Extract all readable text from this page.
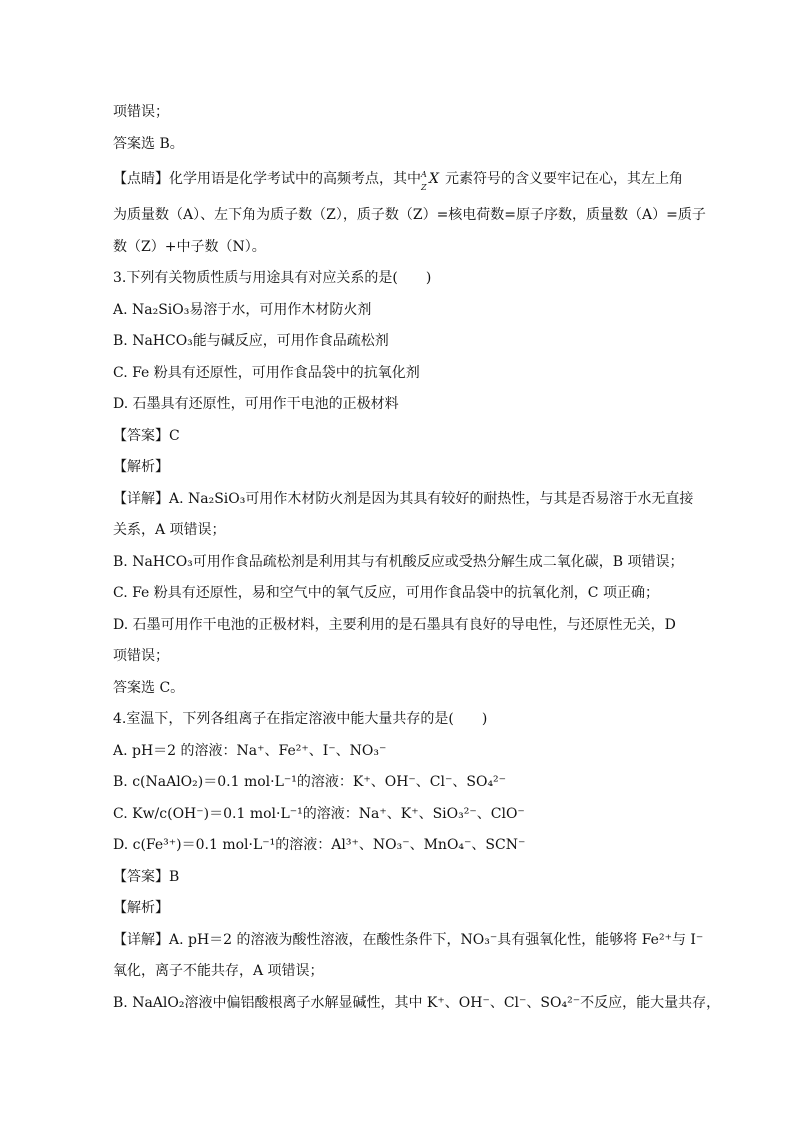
项错误；
答案选 B。
【点睛】化学用语是化学考试中的高频考点，其中 A
Z
X 元素符号的含义要牢记在心，其左上角
为质量数（A）、左下角为质子数（Z），质子数（Z）=核电荷数=原子序数，质量数（A）=质子
数（Z）+中子数（N）。
3.下列有关物质性质与用途具有对应关系的是(　　)
A. Na₂SiO₃易溶于水，可用作木材防火剂
B. NaHCO₃能与碱反应，可用作食品疏松剂
C. Fe 粉具有还原性，可用作食品袋中的抗氧化剂
D. 石墨具有还原性，可用作干电池的正极材料
【答案】C
【解析】
【详解】A. Na₂SiO₃可用作木材防火剂是因为其具有较好的耐热性，与其是否易溶于水无直接
关系，A 项错误；
B. NaHCO₃可用作食品疏松剂是利用其与有机酸反应或受热分解生成二氧化碳，B 项错误；
C. Fe 粉具有还原性，易和空气中的氧气反应，可用作食品袋中的抗氧化剂，C 项正确；
D. 石墨可用作干电池的正极材料，主要利用的是石墨具有良好的导电性，与还原性无关，D
项错误；
答案选 C。
4.室温下，下列各组离子在指定溶液中能大量共存的是(　　)
A. pH＝2 的溶液：Na⁺、Fe²⁺、I⁻、NO₃⁻
B. c(NaAlO₂)＝0.1 mol·L⁻¹的溶液：K⁺、OH⁻、Cl⁻、SO₄²⁻
C. Kw/c(OH⁻)＝0.1 mol·L⁻¹的溶液：Na⁺、K⁺、SiO₃²⁻、ClO⁻
D. c(Fe³⁺)＝0.1 mol·L⁻¹的溶液：Al³⁺、NO₃⁻、MnO₄⁻、SCN⁻
【答案】B
【解析】
【详解】A. pH＝2 的溶液为酸性溶液，在酸性条件下，NO₃⁻具有强氧化性，能够将 Fe²⁺与 I⁻
氧化，离子不能共存，A 项错误；
B. NaAlO₂溶液中偏铝酸根离子水解显碱性，其中 K⁺、OH⁻、Cl⁻、SO₄²⁻不反应，能大量共存，
